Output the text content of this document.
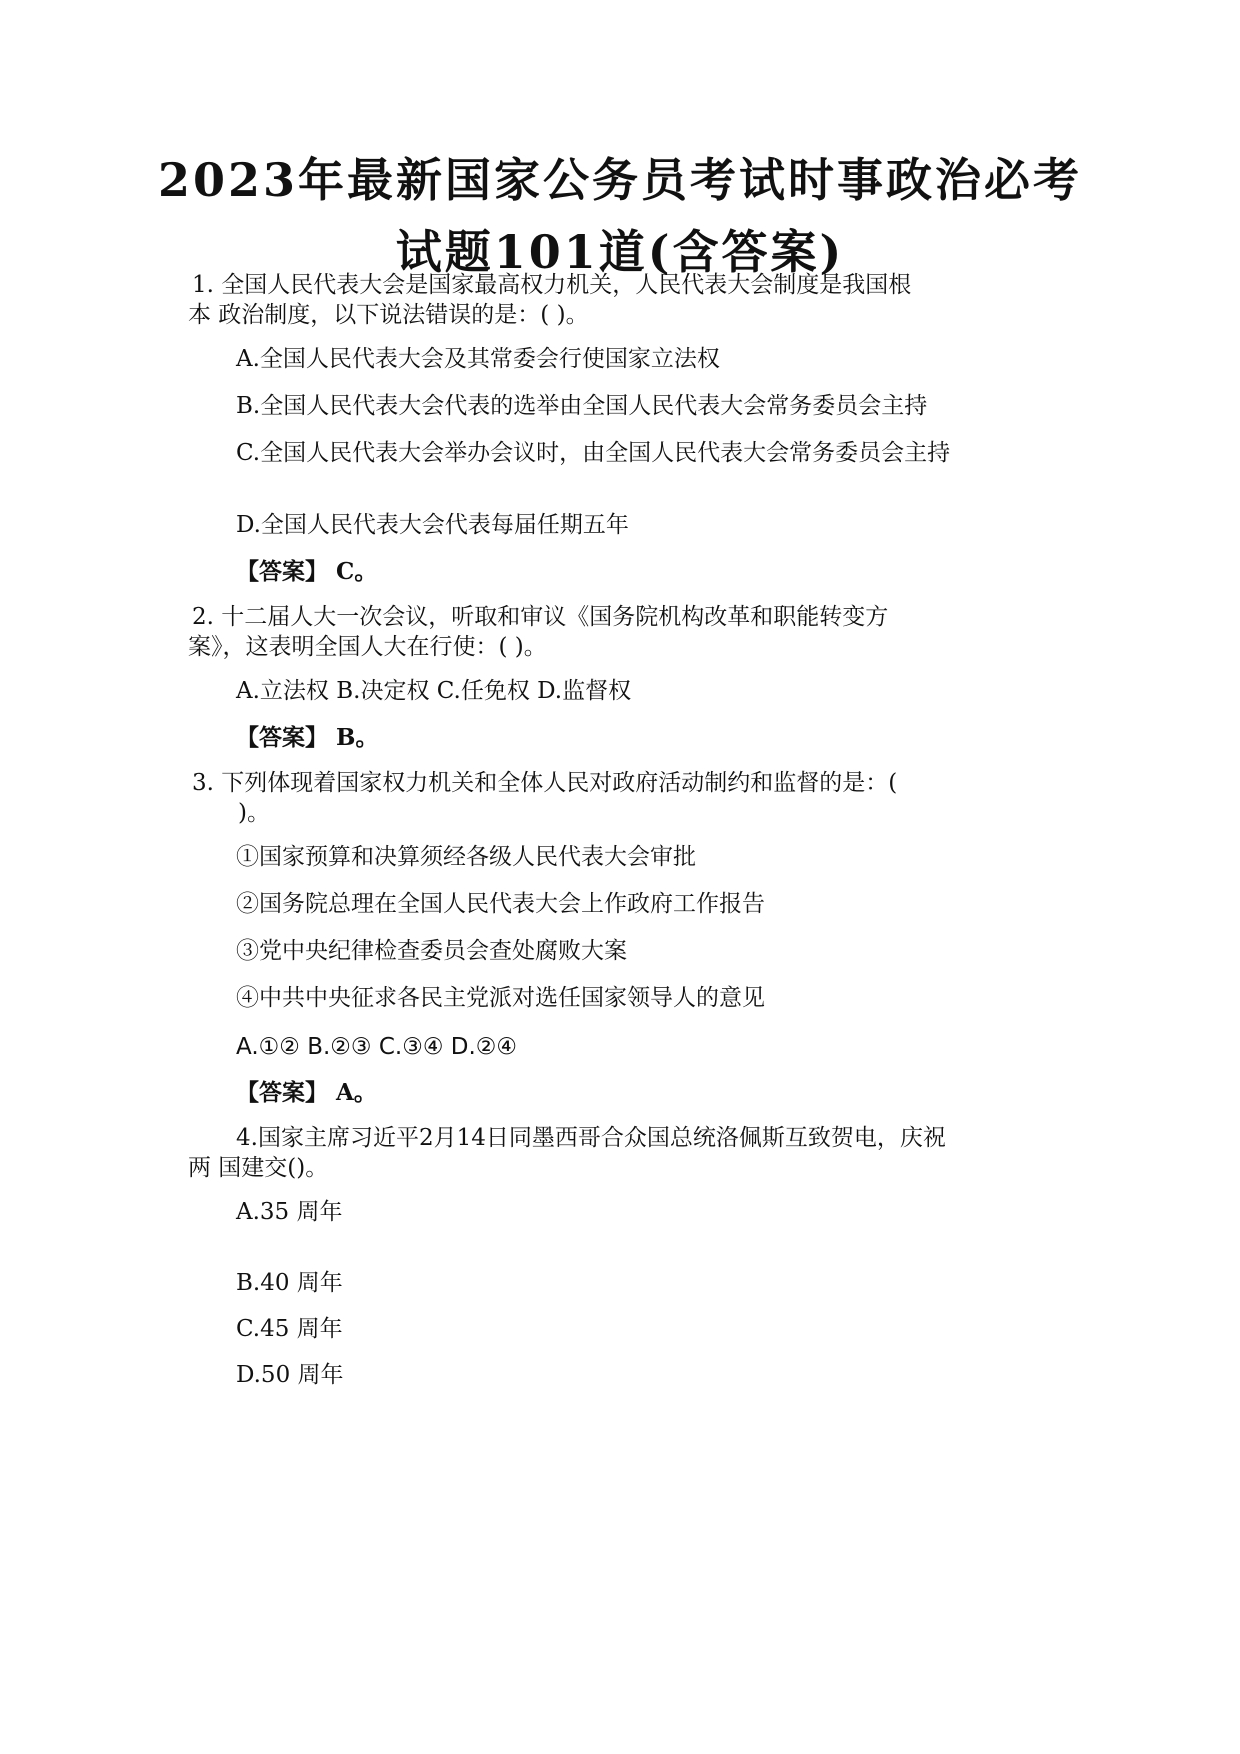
2023年最新国家公务员考试时事政治必考
试题101道(含答案)
1. 全国人民代表大会是国家最高权力机关，人民代表大会制度是我国根
本 政治制度，以下说法错误的是：( )。
A.全国人民代表大会及其常委会行使国家立法权
B.全国人民代表大会代表的选举由全国人民代表大会常务委员会主持
C.全国人民代表大会举办会议时，由全国人民代表大会常务委员会主持
D.全国人民代表大会代表每届任期五年
【答案】 C。
2. 十二届人大一次会议，听取和审议《国务院机构改革和职能转变方
案》，这表明全国人大在行使：( )。
A.立法权 B.决定权 C.任免权 D.监督权
【答案】 B。
3. 下列体现着国家权力机关和全体人民对政府活动制约和监督的是：(
)。
①国家预算和决算须经各级人民代表大会审批
②国务院总理在全国人民代表大会上作政府工作报告
③党中央纪律检查委员会查处腐败大案
④中共中央征求各民主党派对选任国家领导人的意见
A.①② B.②③ C.③④ D.②④
【答案】 A。
4.国家主席习近平2月14日同墨西哥合众国总统洛佩斯互致贺电，庆祝
两 国建交()。
A.35 周年
B.40 周年
C.45 周年
D.50 周年
